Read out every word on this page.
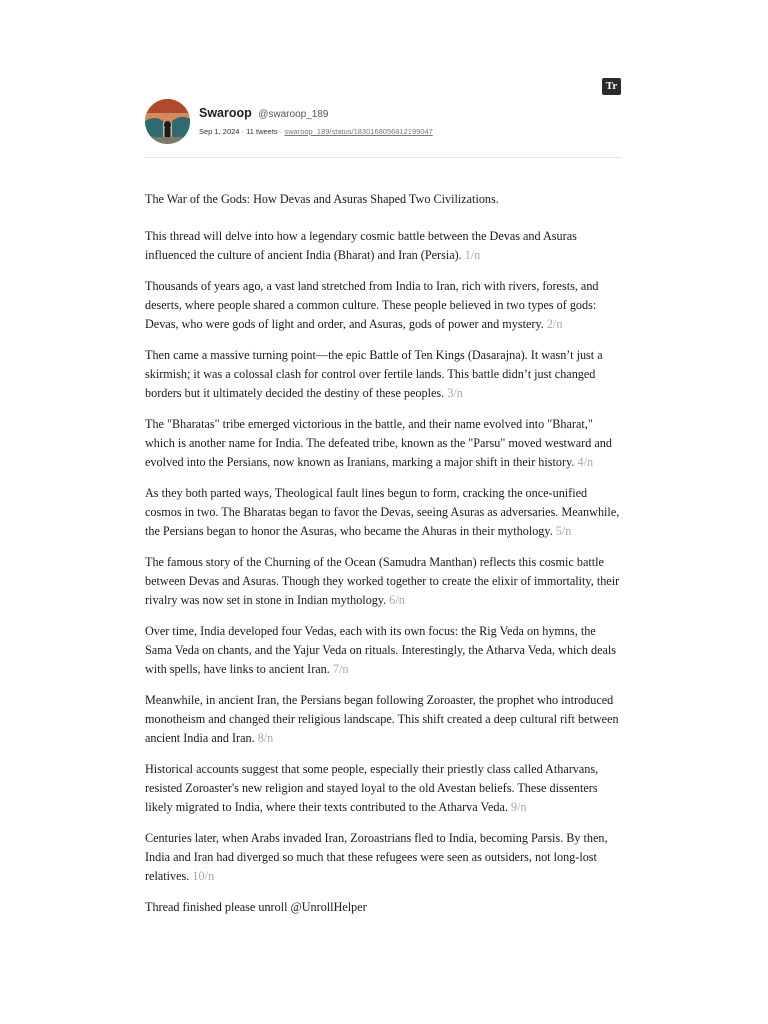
Tr
Swaroop @swaroop_189
Sep 1, 2024 · 11 tweets · swaroop_189/status/1830168056812199047

The War of the Gods: How Devas and Asuras Shaped Two Civilizations.

This thread will delve into how a legendary cosmic battle between the Devas and Asuras influenced the culture of ancient India (Bharat) and Iran (Persia). 1/n

Thousands of years ago, a vast land stretched from India to Iran, rich with rivers, forests, and deserts, where people shared a common culture. These people believed in two types of gods: Devas, who were gods of light and order, and Asuras, gods of power and mystery. 2/n

Then came a massive turning point—the epic Battle of Ten Kings (Dasarajna). It wasn’t just a skirmish; it was a colossal clash for control over fertile lands. This battle didn’t just changed borders but it ultimately decided the destiny of these peoples. 3/n

The "Bharatas" tribe emerged victorious in the battle, and their name evolved into "Bharat," which is another name for India. The defeated tribe, known as the "Parsu" moved westward and evolved into the Persians, now known as Iranians, marking a major shift in their history. 4/n

As they both parted ways, Theological fault lines begun to form, cracking the once-unified cosmos in two. The Bharatas began to favor the Devas, seeing Asuras as adversaries. Meanwhile, the Persians began to honor the Asuras, who became the Ahuras in their mythology. 5/n

The famous story of the Churning of the Ocean (Samudra Manthan) reflects this cosmic battle between Devas and Asuras. Though they worked together to create the elixir of immortality, their rivalry was now set in stone in Indian mythology. 6/n

Over time, India developed four Vedas, each with its own focus: the Rig Veda on hymns, the Sama Veda on chants, and the Yajur Veda on rituals. Interestingly, the Atharva Veda, which deals with spells, have links to ancient Iran. 7/n

Meanwhile, in ancient Iran, the Persians began following Zoroaster, the prophet who introduced monotheism and changed their religious landscape. This shift created a deep cultural rift between ancient India and Iran. 8/n

Historical accounts suggest that some people, especially their priestly class called Atharvans, resisted Zoroaster's new religion and stayed loyal to the old Avestan beliefs. These dissenters likely migrated to India, where their texts contributed to the Atharva Veda. 9/n

Centuries later, when Arabs invaded Iran, Zoroastrians fled to India, becoming Parsis. By then, India and Iran had diverged so much that these refugees were seen as outsiders, not long-lost relatives. 10/n

Thread finished please unroll @UnrollHelper
